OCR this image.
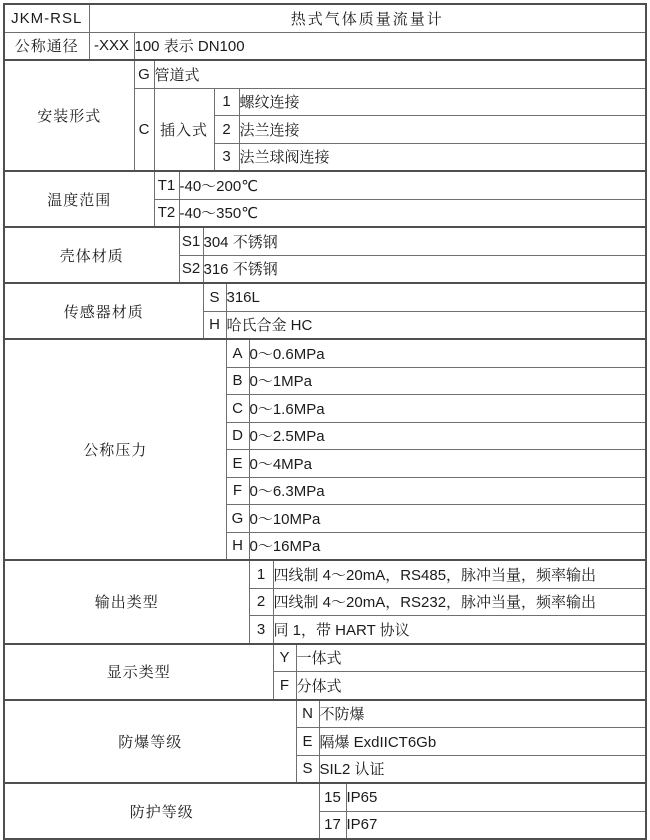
JKM-RSL	热式气体质量流量计												
公称通径	-XXX	100 表示 DN100											
安装形式		G	管道式										
		C	插入式			1		螺纹连接					
						2		法兰连接					
						3		法兰球阀连接					
温度范围			T1	-40～200℃									
			T2	-40～350℃									
壳体材质				S1	304 不锈钢								
				S2	316 不锈钢								
传感器材质					S		316L						
					H		哈氏合金 HC						
公称压力							A		0～0.6MPa				
							B		0～1MPa				
							C		0～1.6MPa				
							D		0～2.5MPa				
							E		0～4MPa				
							F		0～6.3MPa				
							G		0～10MPa				
							H		0～16MPa				
输出类型									1	四线制 4～20mA，RS485，脉冲当量，频率输出			
									2	四线制 4～20mA，RS232，脉冲当量，频率输出			
									3	同 1，带 HART 协议			
显示类型										Y	一体式		
										F	分体式		
防爆等级											N	不防爆	
											E	隔爆 ExdIICT6Gb	
											S	SIL2 认证	
防护等级												15	IP65
												17	IP67
